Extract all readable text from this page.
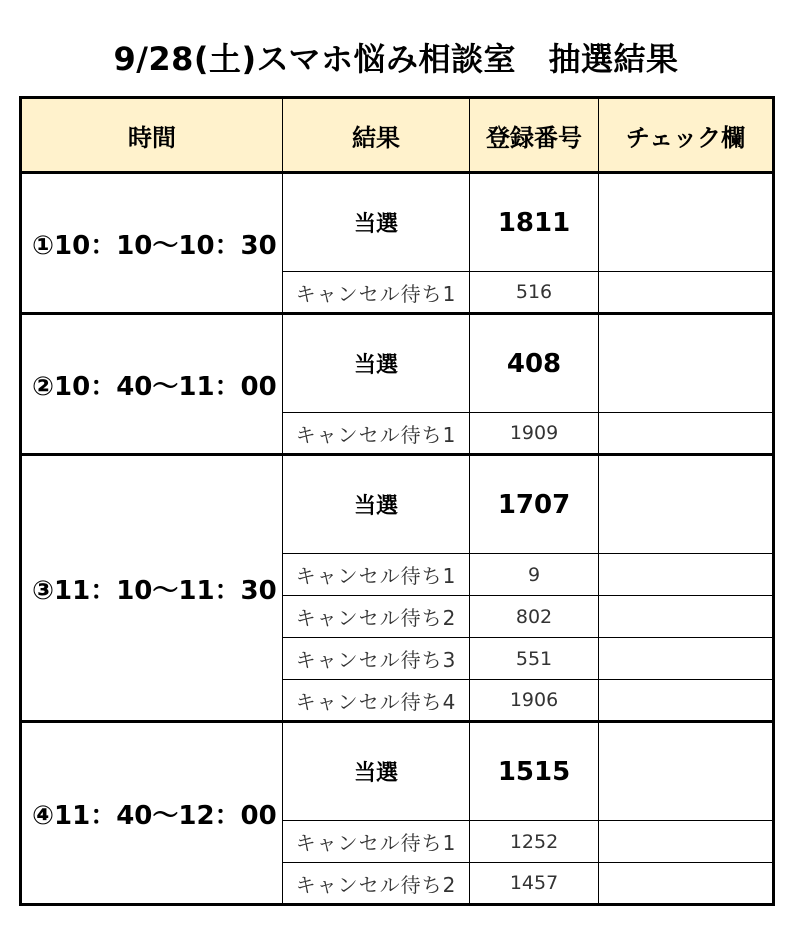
9/28(土)スマホ悩み相談室　抽選結果
時間	結果	登録番号	チェック欄
①10：10〜10：30	当選	1811	
	キャンセル待ち1	516	
②10：40〜11：00	当選	408	
	キャンセル待ち1	1909	
③11：10〜11：30	当選	1707	
	キャンセル待ち1	9	
	キャンセル待ち2	802	
	キャンセル待ち3	551	
	キャンセル待ち4	1906	
④11：40〜12：00	当選	1515	
	キャンセル待ち1	1252	
	キャンセル待ち2	1457	
